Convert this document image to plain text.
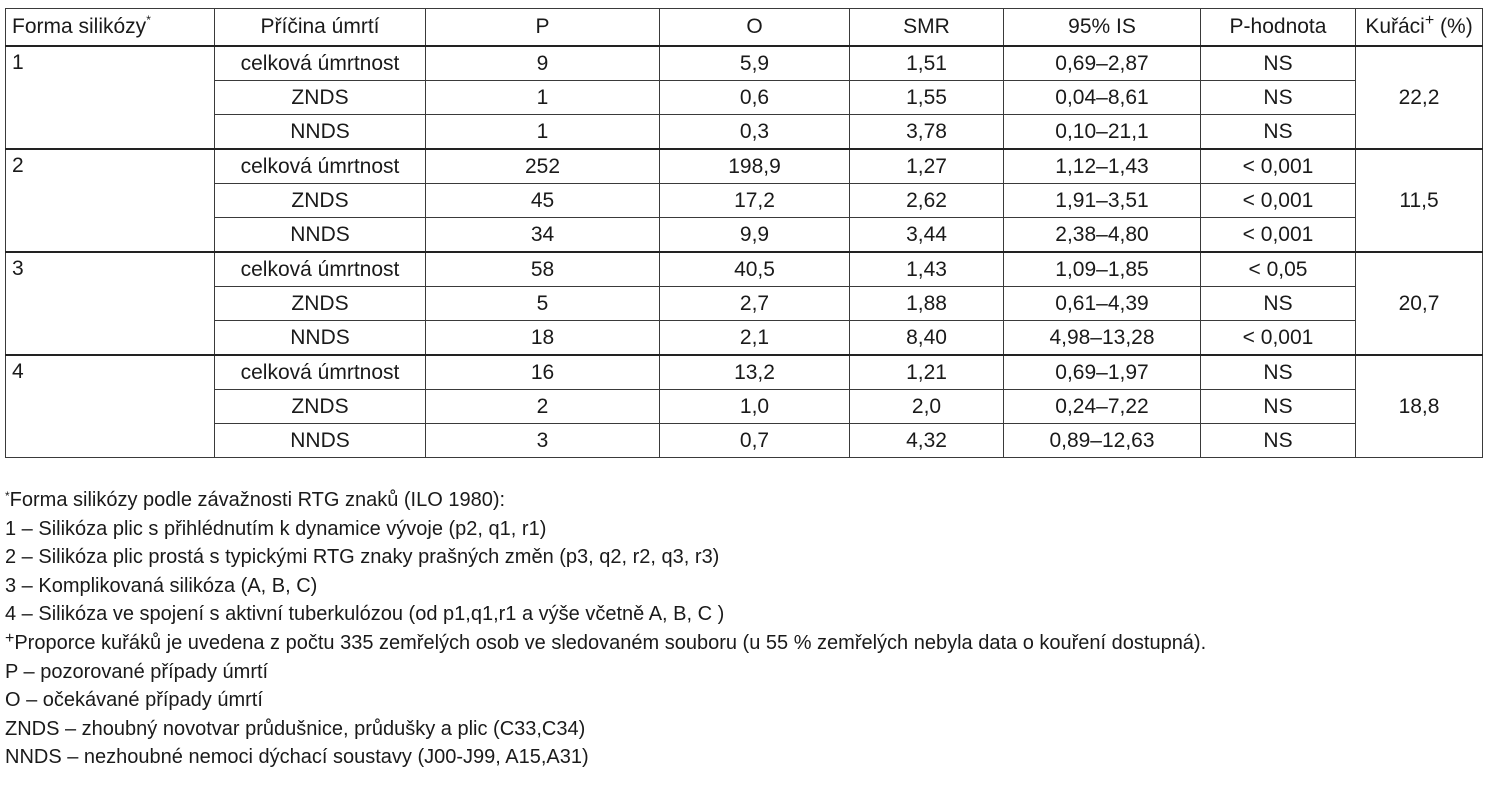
Forma silikózy*	Příčina úmrtí	P	O	SMR	95% IS	P-hodnota	Kuřáci+ (%)
1	celková úmrtnost	9	5,9	1,51	0,69–2,87	NS	22,2
	ZNDS	1	0,6	1,55	0,04–8,61	NS	
	NNDS	1	0,3	3,78	0,10–21,1	NS	
2	celková úmrtnost	252	198,9	1,27	1,12–1,43	< 0,001	11,5
	ZNDS	45	17,2	2,62	1,91–3,51	< 0,001	
	NNDS	34	9,9	3,44	2,38–4,80	< 0,001	
3	celková úmrtnost	58	40,5	1,43	1,09–1,85	< 0,05	20,7
	ZNDS	5	2,7	1,88	0,61–4,39	NS	
	NNDS	18	2,1	8,40	4,98–13,28	< 0,001	
4	celková úmrtnost	16	13,2	1,21	0,69–1,97	NS	18,8
	ZNDS	2	1,0	2,0	0,24–7,22	NS	
	NNDS	3	0,7	4,32	0,89–12,63	NS	
*Forma silikózy podle závažnosti RTG znaků (ILO 1980):
1 – Silikóza plic s přihlédnutím k dynamice vývoje (p2, q1, r1)
2 – Silikóza plic prostá s typickými RTG znaky prašných změn (p3, q2, r2, q3, r3)
3 – Komplikovaná silikóza (A, B, C)
4 – Silikóza ve spojení s aktivní tuberkulózou (od p1,q1,r1 a výše včetně A, B, C )
+Proporce kuřáků je uvedena z počtu 335 zemřelých osob ve sledovaném souboru (u 55 % zemřelých nebyla data o kouření dostupná).
P – pozorované případy úmrtí
O – očekávané případy úmrtí
ZNDS – zhoubný novotvar průdušnice, průdušky a plic (C33,C34)
NNDS – nezhoubné nemoci dýchací soustavy (J00-J99, A15,A31)
